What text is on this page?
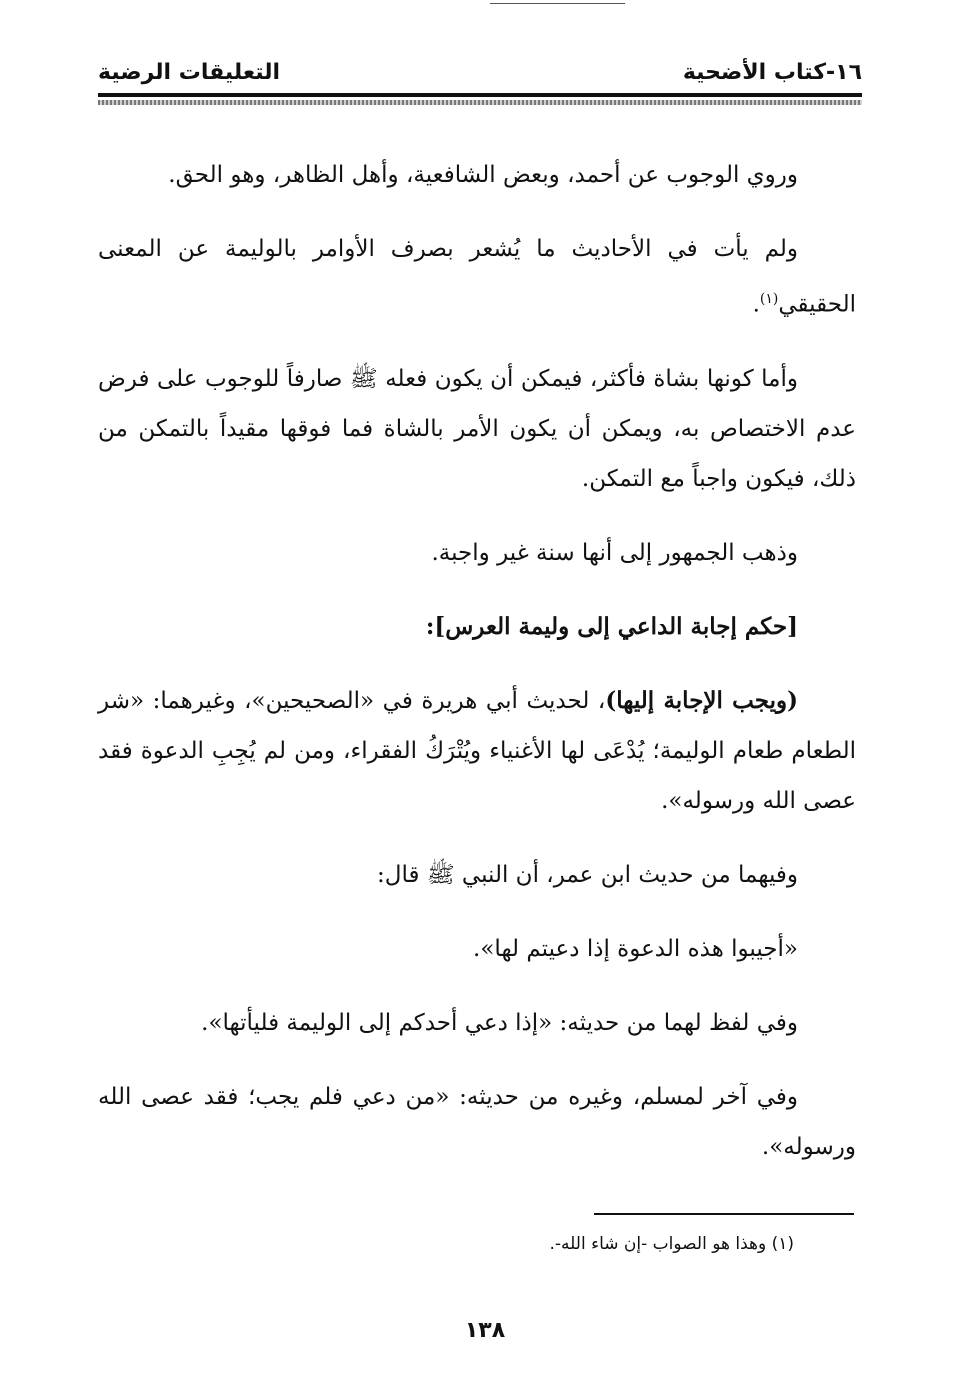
١٦-كتاب الأضحية
التعليقات الرضية

وروي الوجوب عن أحمد، وبعض الشافعية، وأهل الظاهر، وهو الحق.

ولم يأت في الأحاديث ما يُشعر بصرف الأوامر بالوليمة عن المعنى الحقيقي$^{(١)}$.

وأما كونها بشاة فأكثر، فيمكن أن يكون فعله ﷺ صارفاً للوجوب على فرض عدم الاختصاص به، ويمكن أن يكون الأمر بالشاة فما فوقها مقيداً بالتمكن من ذلك، فيكون واجباً مع التمكن.

وذهب الجمهور إلى أنها سنة غير واجبة.

[حكم إجابة الداعي إلى وليمة العرس]:

(ويجب الإجابة إليها)، لحديث أبي هريرة في «الصحيحين»، وغيرهما: «شر الطعام طعام الوليمة؛ يُدْعَى لها الأغنياء ويُتْرَكُ الفقراء، ومن لم يُجِبِ الدعوة فقد عصى الله ورسوله».

وفيهما من حديث ابن عمر، أن النبي ﷺ قال:

«أجيبوا هذه الدعوة إذا دعيتم لها».

وفي لفظ لهما من حديثه: «إذا دعي أحدكم إلى الوليمة فليأتها».

وفي آخر لمسلم، وغيره من حديثه: «من دعي فلم يجب؛ فقد عصى الله ورسوله».

(١) وهذا هو الصواب -إن شاء الله-.
١٣٨
